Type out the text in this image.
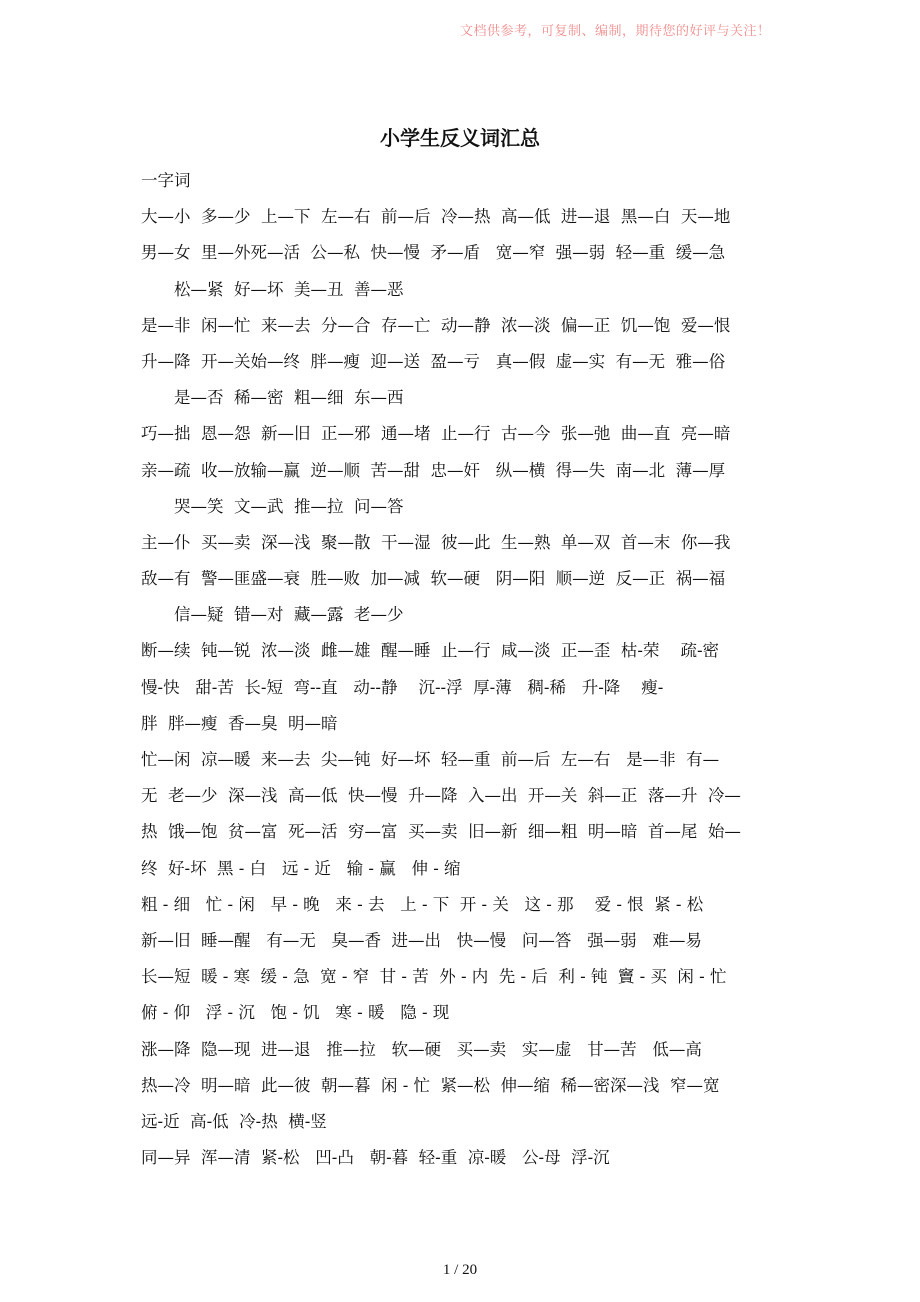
文档供参考，可复制、编制，期待您的好评与关注！
小学生反义词汇总
一字词
大—小  多—少  上—下  左—右  前—后  冷—热  高—低  进—退  黑—白  天—地
男—女  里—外死—活  公—私  快—慢  矛—盾   宽—窄  强—弱  轻—重  缓—急
松—紧  好—坏  美—丑  善—恶
是—非  闲—忙  来—去  分—合  存—亡  动—静  浓—淡  偏—正  饥—饱  爱—恨
升—降  开—关始—终  胖—瘦  迎—送  盈—亏   真—假  虚—实  有—无  雅—俗
是—否  稀—密  粗—细  东—西
巧—拙  恩—怨  新—旧  正—邪  通—堵  止—行  古—今  张—弛  曲—直  亮—暗
亲—疏  收—放输—赢  逆—顺  苦—甜  忠—奸   纵—横  得—失  南—北  薄—厚
哭—笑  文—武  推—拉  问—答
主—仆  买—卖  深—浅  聚—散  干—湿  彼—此  生—熟  单—双  首—末  你—我
敌—有  警—匪盛—衰  胜—败  加—减  软—硬   阴—阳  顺—逆  反—正  祸—福
信—疑  错—对  藏—露  老—少
断—续  钝—锐  浓—淡  雌—雄  醒—睡  止—行  咸—淡  正—歪  枯-荣    疏-密
慢-快   甜-苦  长-短  弯--直   动--静    沉--浮  厚-薄   稠-稀   升-降    瘦-
胖  胖—瘦  香—臭  明—暗
忙—闲  凉—暖  来—去  尖—钝  好—坏  轻—重  前—后  左—右   是—非  有—
无  老—少  深—浅  高—低  快—慢  升—降  入—出  开—关  斜—正  落—升  冷—
热  饿—饱  贫—富  死—活  穷—富  买—卖  旧—新  细—粗  明—暗  首—尾  始—
终  好-坏  黑 - 白   远 - 近   输 - 赢   伸 - 缩
粗 - 细   忙 - 闲   早 - 晚   来 - 去   上 - 下  开 - 关   这 - 那    爱 - 恨  紧 - 松
新—旧  睡—醒   有—无   臭—香  进—出   快—慢   问—答   强—弱   难—易
长—短  暖 - 寒  缓 - 急  宽 - 窄  甘 - 苦  外 - 内  先 - 后  利 - 钝  竇 - 买  闲 - 忙
俯 - 仰   浮 - 沉   饱 - 饥   寒 - 暖   隐 - 现
涨—降  隐—现  进—退   推—拉   软—硬   买—卖   实—虚   甘—苦   低—高
热—冷  明—暗  此—彼  朝—暮  闲 - 忙  紧—松  伸—缩  稀—密深—浅  窄—宽
远-近  高-低  冷-热  横-竖
同—异  浑—清  紧-松   凹-凸   朝-暮  轻-重  凉-暖   公-母  浮-沉
1 / 20
